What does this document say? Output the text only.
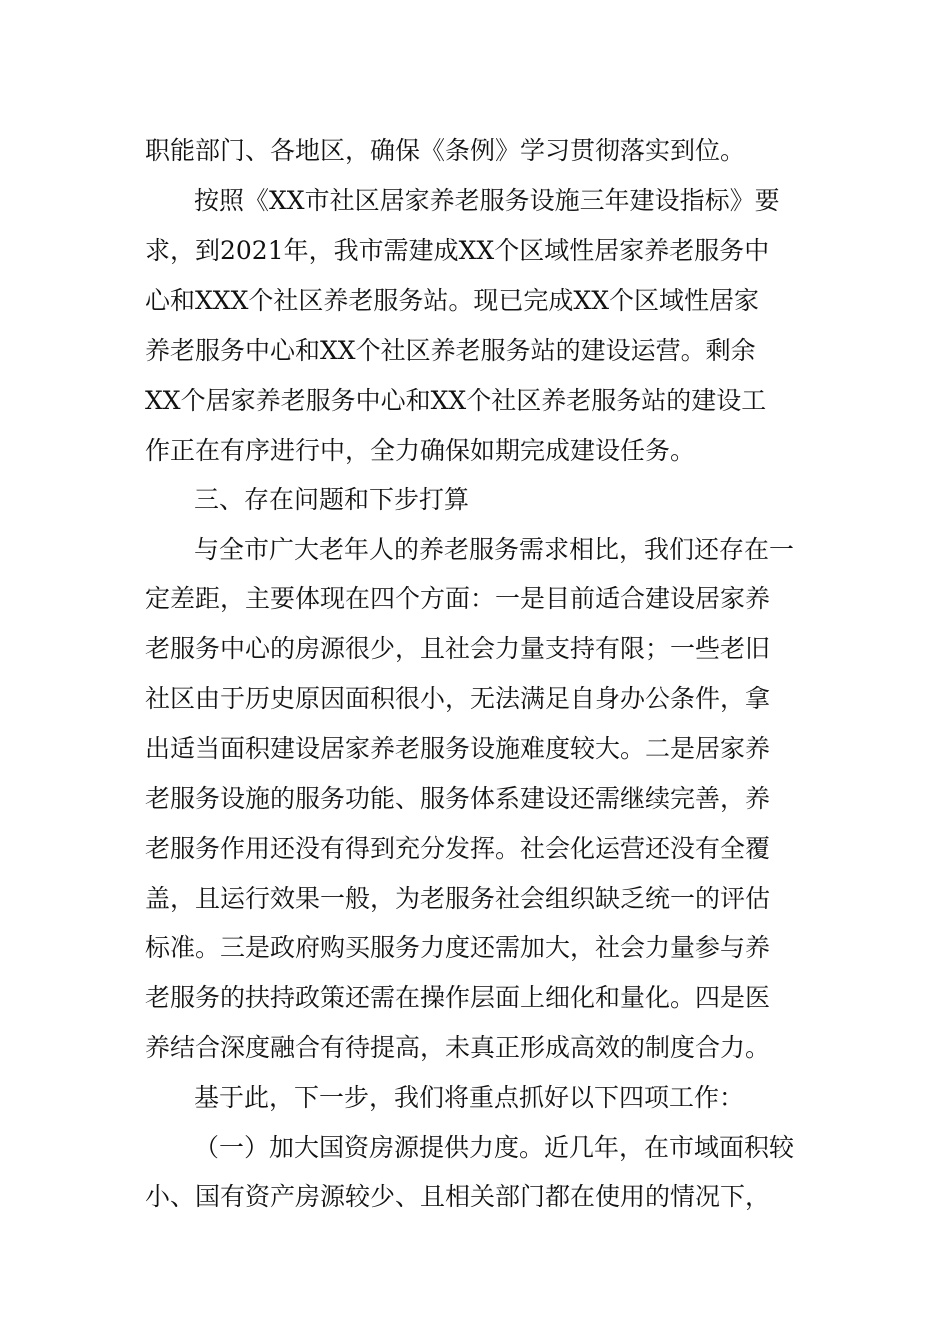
职能部门、各地区，确保《条例》学习贯彻落实到位。
按照《XX市社区居家养老服务设施三年建设指标》要
求，到2021年，我市需建成XX个区域性居家养老服务中
心和XXX个社区养老服务站。现已完成XX个区域性居家
养老服务中心和XX个社区养老服务站的建设运营。剩余
XX个居家养老服务中心和XX个社区养老服务站的建设工
作正在有序进行中，全力确保如期完成建设任务。
三、存在问题和下步打算
与全市广大老年人的养老服务需求相比，我们还存在一
定差距，主要体现在四个方面：一是目前适合建设居家养
老服务中心的房源很少，且社会力量支持有限；一些老旧
社区由于历史原因面积很小，无法满足自身办公条件，拿
出适当面积建设居家养老服务设施难度较大。二是居家养
老服务设施的服务功能、服务体系建设还需继续完善，养
老服务作用还没有得到充分发挥。社会化运营还没有全覆
盖，且运行效果一般，为老服务社会组织缺乏统一的评估
标准。三是政府购买服务力度还需加大，社会力量参与养
老服务的扶持政策还需在操作层面上细化和量化。四是医
养结合深度融合有待提高，未真正形成高效的制度合力。
基于此，下一步，我们将重点抓好以下四项工作：
（一）加大国资房源提供力度。近几年，在市域面积较
小、国有资产房源较少、且相关部门都在使用的情况下，
